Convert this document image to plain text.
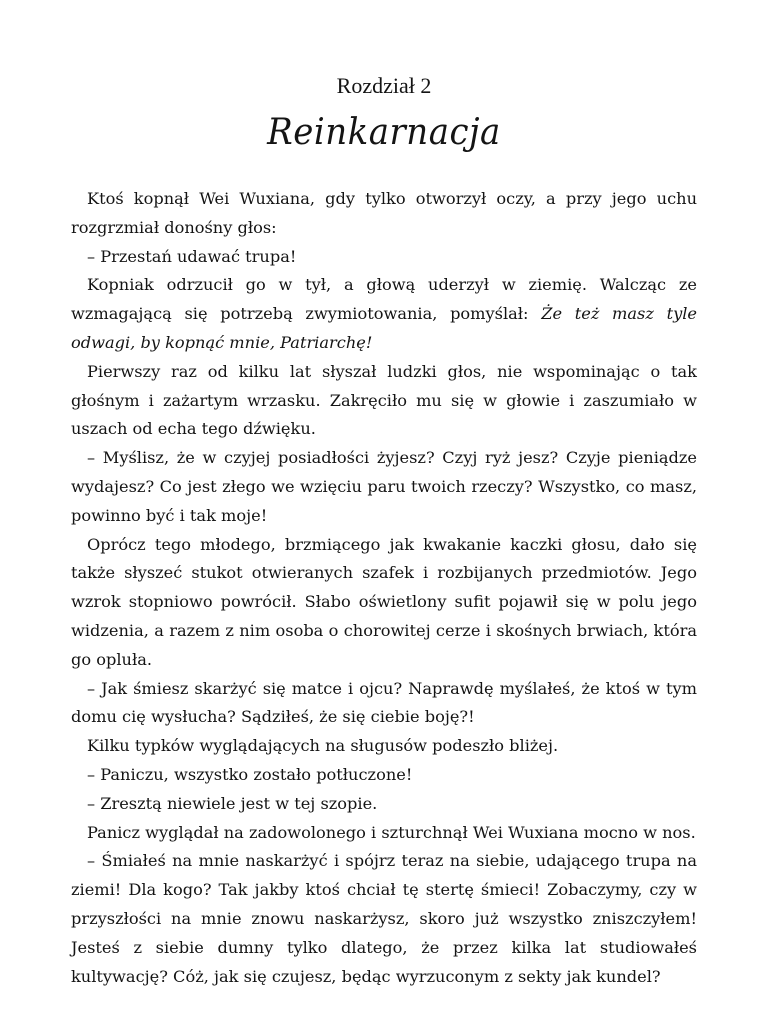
Rozdział 2
Reinkarnacja

Ktoś kopnął Wei Wuxiana, gdy tylko otworzył oczy, a przy jego uchu rozgrzmiał donośny głos:

– Przestań udawać trupa!

Kopniak odrzucił go w tył, a głową uderzył w ziemię. Walcząc ze wzmagającą się potrzebą zwymiotowania, pomyślał: Że też masz tyle odwagi, by kopnąć mnie, Patriarchę!

Pierwszy raz od kilku lat słyszał ludzki głos, nie wspominając o tak głośnym i zażartym wrzasku. Zakręciło mu się w głowie i zaszumiało w uszach od echa tego dźwięku.

– Myślisz, że w czyjej posiadłości żyjesz? Czyj ryż jesz? Czyje pieniądze wydajesz? Co jest złego we wzięciu paru twoich rzeczy? Wszystko, co masz, powinno być i tak moje!

Oprócz tego młodego, brzmiącego jak kwakanie kaczki głosu, dało się także słyszeć stukot otwieranych szafek i rozbijanych przedmiotów. Jego wzrok stopniowo powrócił. Słabo oświetlony sufit pojawił się w polu jego widzenia, a razem z nim osoba o chorowitej cerze i skośnych brwiach, która go opluła.

– Jak śmiesz skarżyć się matce i ojcu? Naprawdę myślałeś, że ktoś w tym domu cię wysłucha? Sądziłeś, że się ciebie boję?!

Kilku typków wyglądających na sługusów podeszło bliżej.

– Paniczu, wszystko zostało potłuczone!

– Zresztą niewiele jest w tej szopie.

Panicz wyglądał na zadowolonego i szturchnął Wei Wuxiana mocno w nos.

– Śmiałeś na mnie naskarżyć i spójrz teraz na siebie, udającego trupa na ziemi! Dla kogo? Tak jakby ktoś chciał tę stertę śmieci! Zobaczymy, czy w przyszłości na mnie znowu naskarżysz, skoro już wszystko zniszczyłem! Jesteś z siebie dumny tylko dlatego, że przez kilka lat studiowałeś kultywację? Cóż, jak się czujesz, będąc wyrzuconym z sekty jak kundel?
